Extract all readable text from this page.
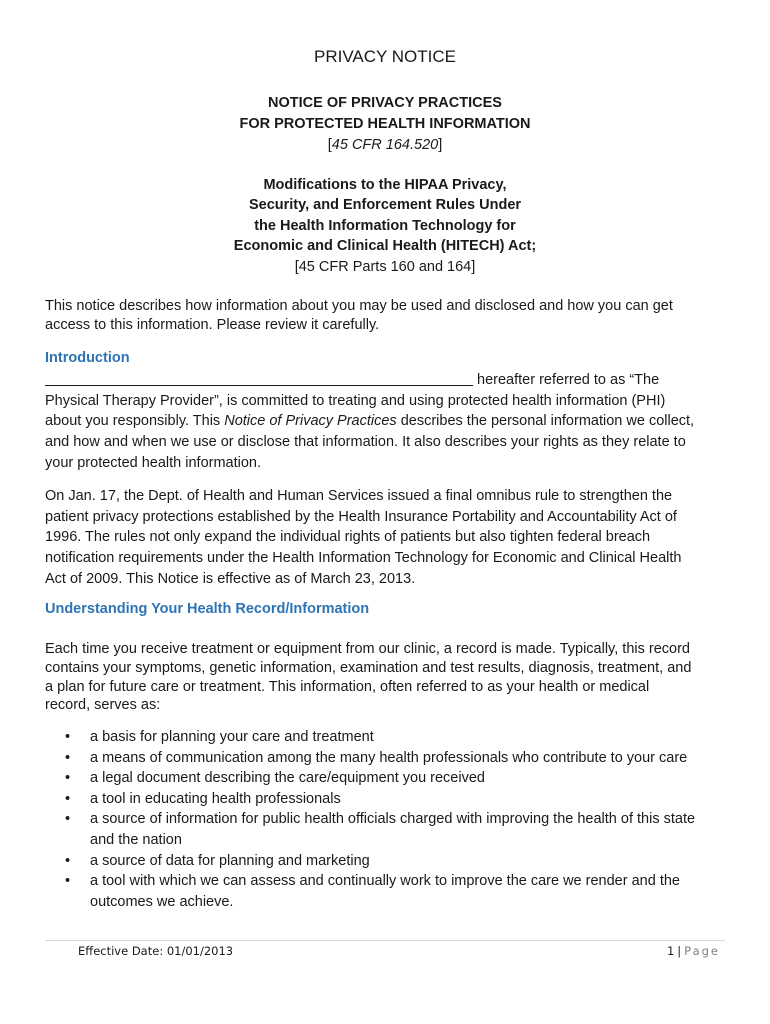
PRIVACY NOTICE
NOTICE OF PRIVACY PRACTICES
FOR PROTECTED HEALTH INFORMATION
[45 CFR 164.520]
Modifications to the HIPAA Privacy,
Security, and Enforcement Rules Under
the Health Information Technology for
Economic and Clinical Health (HITECH) Act;
[45 CFR Parts 160 and 164]
This notice describes how information about you may be used and disclosed and how you can get
access to this information. Please review it carefully.
Introduction
hereafter referred to as “The
Physical Therapy Provider”, is committed to treating and using protected health information (PHI)
about you responsibly. This Notice of Privacy Practices describes the personal information we collect,
and how and when we use or disclose that information. It also describes your rights as they relate to
your protected health information.
On Jan. 17, the Dept. of Health and Human Services issued a final omnibus rule to strengthen the
patient privacy protections established by the Health Insurance Portability and Accountability Act of
1996. The rules not only expand the individual rights of patients but also tighten federal breach
notification requirements under the Health Information Technology for Economic and Clinical Health
Act of 2009. This Notice is effective as of March 23, 2013.
Understanding Your Health Record/Information
Each time you receive treatment or equipment from our clinic, a record is made. Typically, this record
contains your symptoms, genetic information, examination and test results, diagnosis, treatment, and
a plan for future care or treatment. This information, often referred to as your health or medical
record, serves as:
• a basis for planning your care and treatment
• a means of communication among the many health professionals who contribute to your care
• a legal document describing the care/equipment you received
• a tool in educating health professionals
• a source of information for public health officials charged with improving the health of this state
and the nation
• a source of data for planning and marketing
• a tool with which we can assess and continually work to improve the care we render and the
outcomes we achieve.
Effective Date: 01/01/2013	1 | Page
